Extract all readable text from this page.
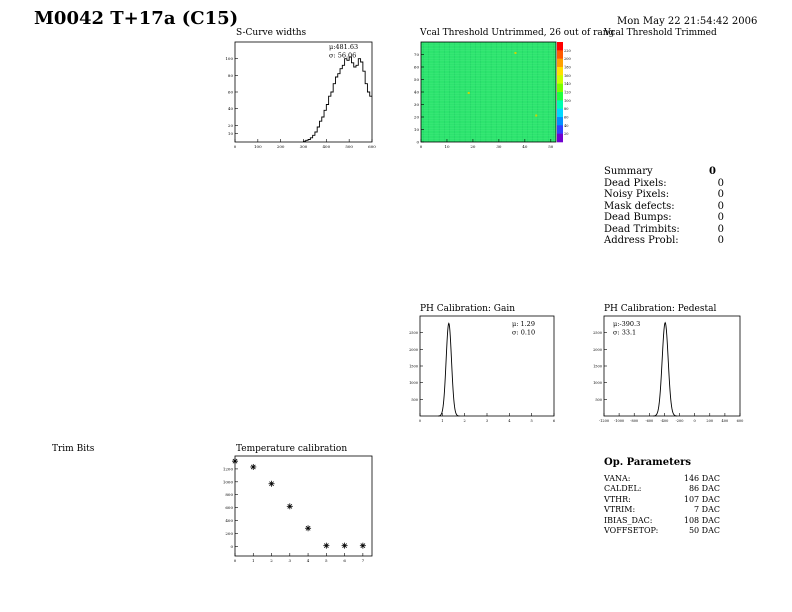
M0042 T+17a (C15)	Mon May 22 21:54:42 2006
S-Curve widths	Vcal Threshold Untrimmed, 26 out of rang
Vcal Threshold Trimmed
PH Calibration: Gain	PH Calibration: Pedestal
Trim Bits	Temperature calibration
0	100	200	300	400	500	600
10
20
40
60
80
100
μ:481.63
σ: 56.06
0	10	20	30	40	50
0
10
20
30
40
50
60
70
20
40
60
80
100
120
140
160
180
200
220
0	1	2	3	4	5	6
500
1000
1500
2000
2500
μ: 1.29
σ: 0.10
-1200 -1000 -800 -600 -400 -200	0	200 400 600
500
1000
1500
2000
2500
μ:-390.3
σ: 33.1
0	1	2	3	4	5	6	7
0
200
400
600
800
1000
1200
Summary	0
Dead Pixels:	0
Noisy Pixels:	0
Mask defects:	0
Dead Bumps:	0
Dead Trimbits:	0
Address Probl:	0
Op. Parameters
VANA:	146 DAC
CALDEL:	86 DAC
VTHR:	107 DAC
VTRIM:	7 DAC
IBIAS_DAC:	108 DAC
VOFFSETOP:	50 DAC
